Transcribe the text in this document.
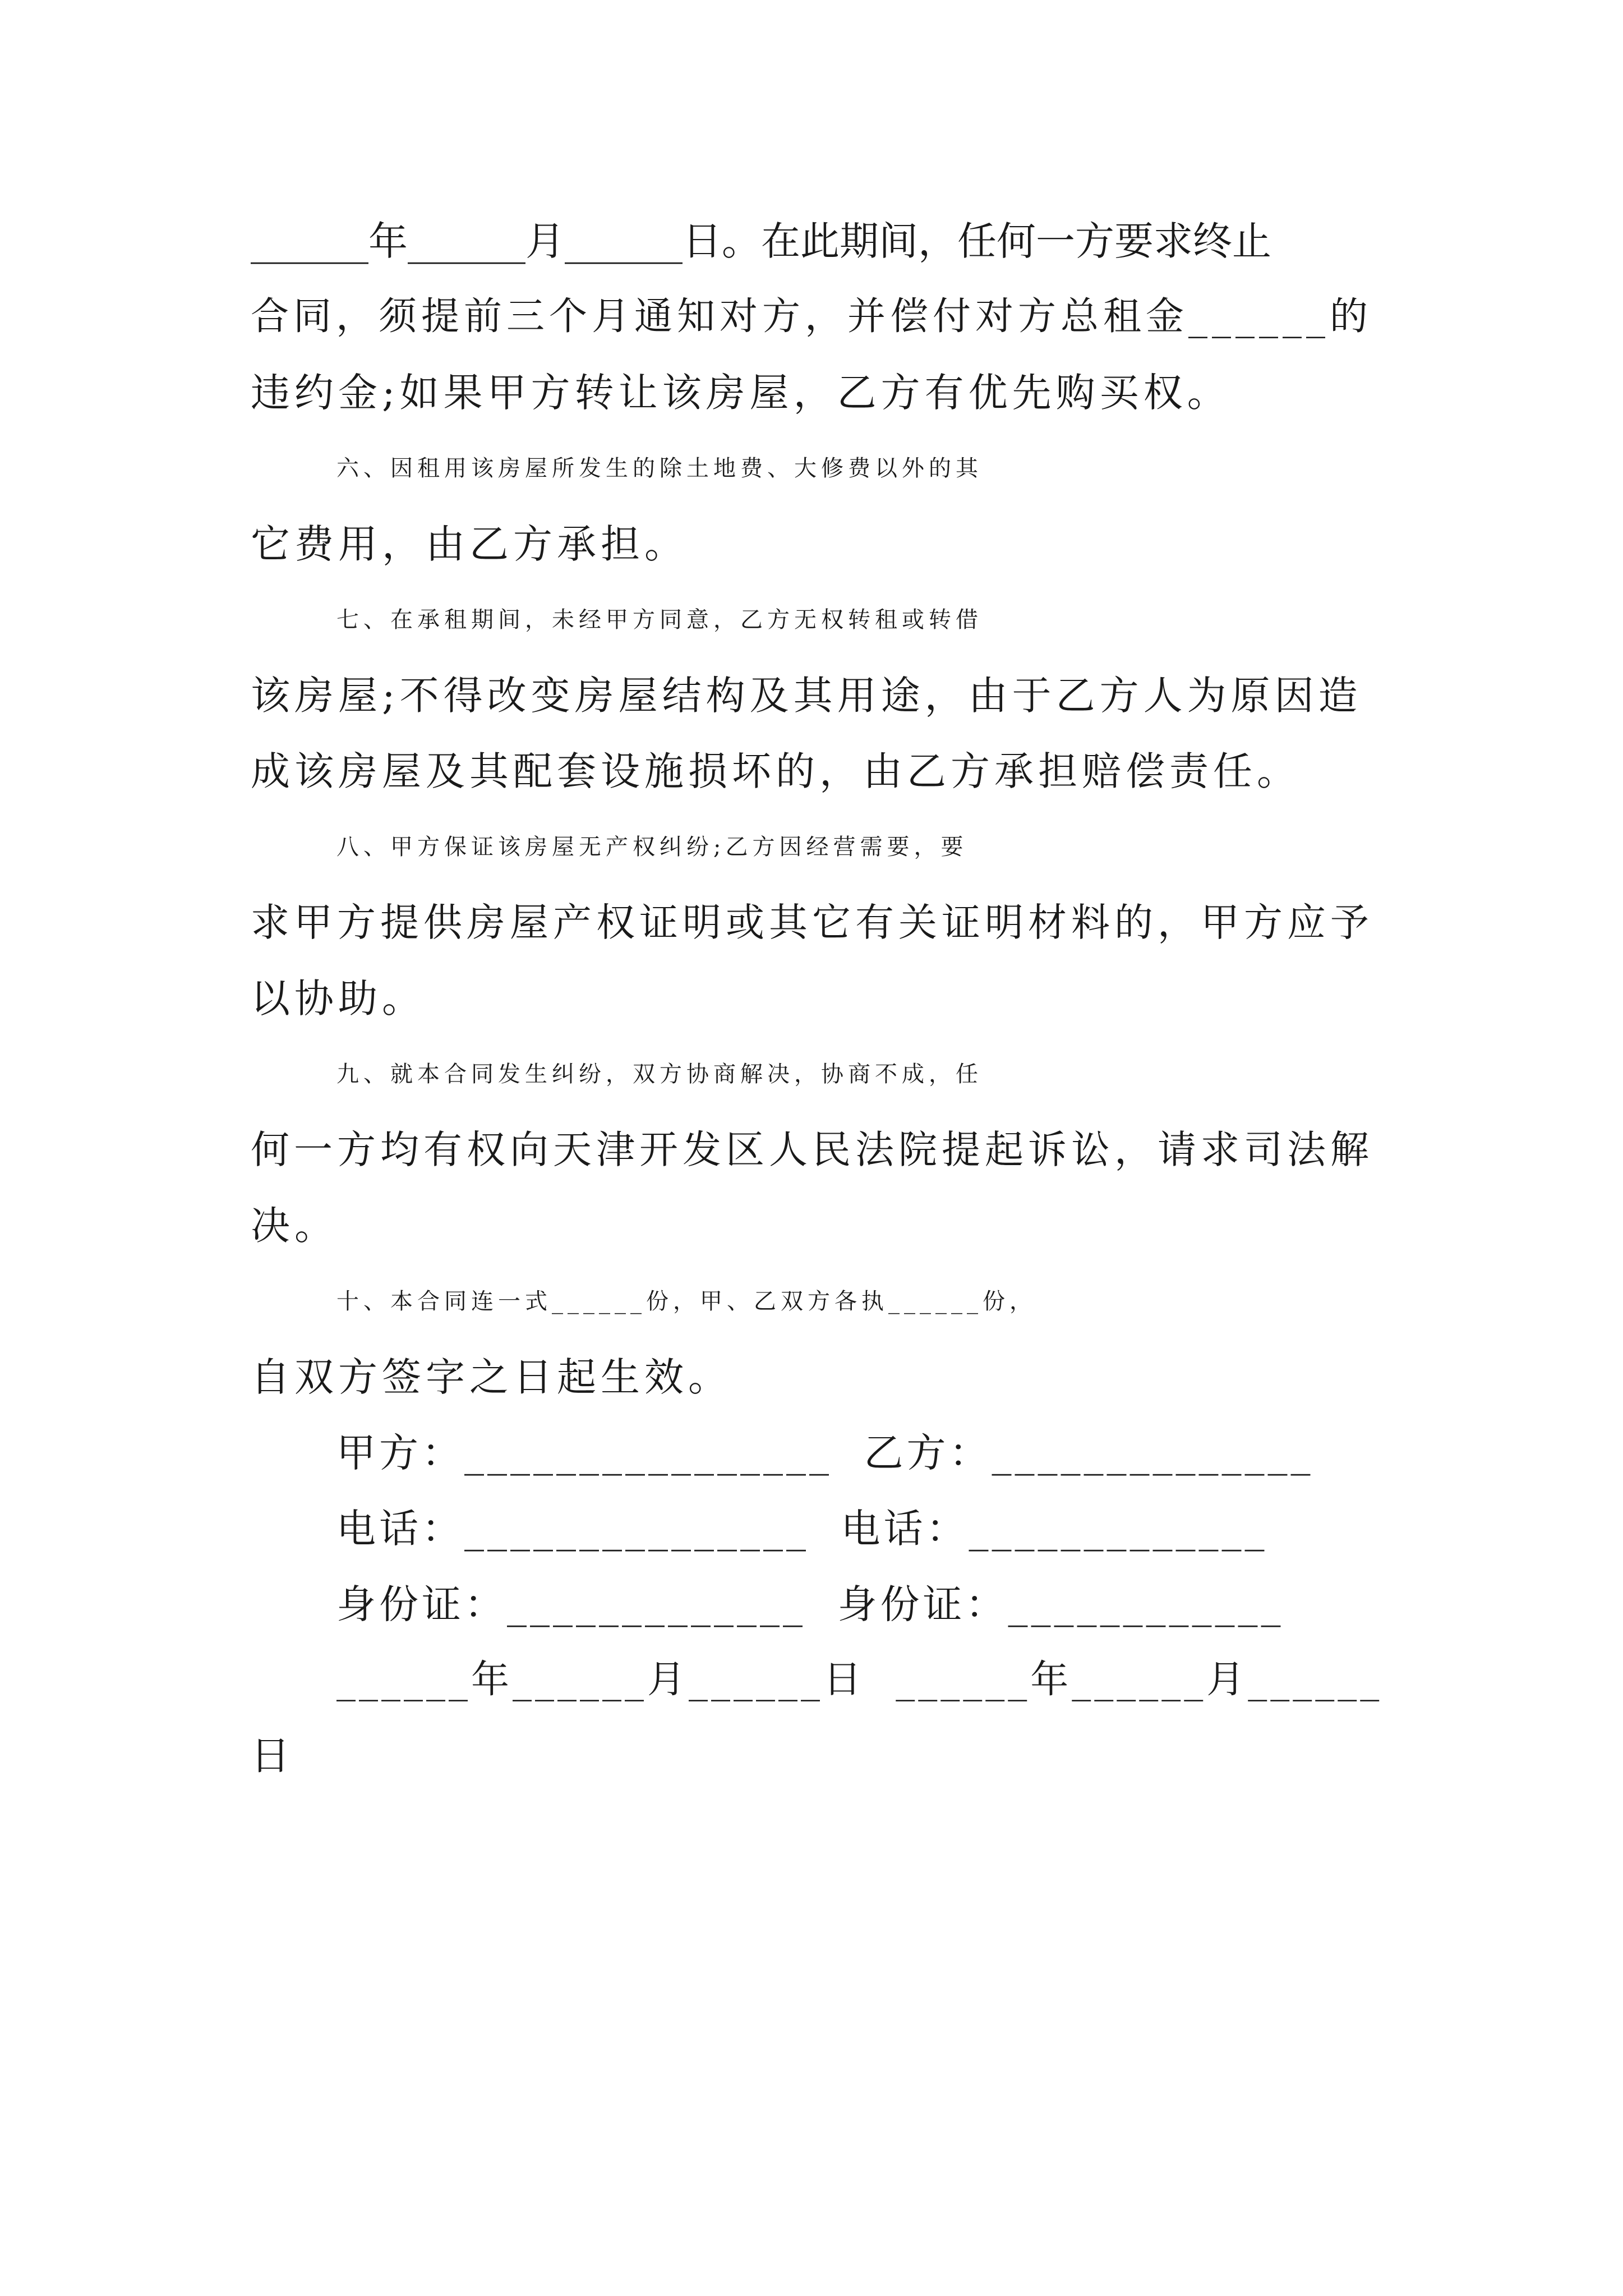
______年______月______日。在此期间，任何一方要求终止
合同，须提前三个月通知对方，并偿付对方总租金______的
违约金;如果甲方转让该房屋，乙方有优先购买权。
六、因租用该房屋所发生的除土地费、大修费以外的其
它费用，由乙方承担。
七、在承租期间，未经甲方同意，乙方无权转租或转借
该房屋;不得改变房屋结构及其用途，由于乙方人为原因造
成该房屋及其配套设施损坏的，由乙方承担赔偿责任。
八、甲方保证该房屋无产权纠纷;乙方因经营需要，要
求甲方提供房屋产权证明或其它有关证明材料的，甲方应予
以协助。
九、就本合同发生纠纷，双方协商解决，协商不成，任
何一方均有权向天津开发区人民法院提起诉讼，请求司法解
决。
十、本合同连一式______份，甲、乙双方各执______份，
自双方签字之日起生效。
甲方：________________  乙方：______________
电话：_______________  电话：_____________
身份证：_____________  身份证：____________
______年______月______日  ______年______月______
日
